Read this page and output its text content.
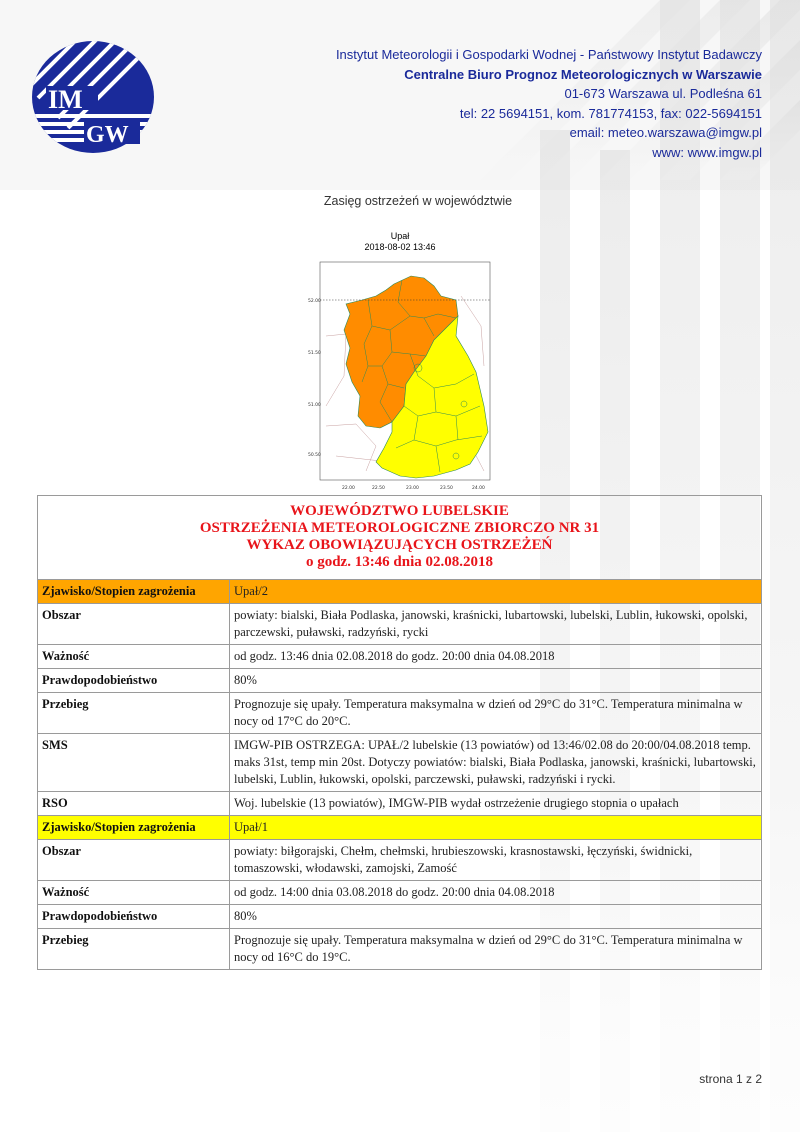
IM
GW
Instytut Meteorologii i Gospodarki Wodnej - Państwowy Instytut Badawczy
Centralne Biuro Prognoz Meteorologicznych w Warszawie
01-673 Warszawa ul. Podleśna 61
tel: 22 5694151, kom. 781774153, fax: 022-5694151
email: meteo.warszawa@imgw.pl
www: www.imgw.pl
Zasięg ostrzeżeń w województwie
Upał
2018-08-02 13:46
52.00
51.50
51.00
50.50
22.00	22.50	23.00	23.50	24.00
WOJEWÓDZTWO LUBELSKIE
OSTRZEŻENIA METEOROLOGICZNE ZBIORCZO NR 31
WYKAZ OBOWIĄZUJĄCYCH OSTRZEŻEŃ
o godz. 13:46 dnia 02.08.2018	

Zjawisko/Stopien zagrożenia	Upał/2
Obszar	powiaty: bialski, Biała Podlaska, janowski, kraśnicki, lubartowski, lubelski, Lublin, łukowski, opolski, parczewski, puławski, radzyński, rycki
Ważność	od godz. 13:46 dnia 02.08.2018 do godz. 20:00 dnia 04.08.2018
Prawdopodobieństwo	80%
Przebieg	Prognozuje się upały. Temperatura maksymalna w dzień od 29°C do 31°C. Temperatura minimalna w nocy od 17°C do 20°C.
SMS	IMGW-PIB OSTRZEGA: UPAŁ/2 lubelskie (13 powiatów) od 13:46/02.08 do 20:00/04.08.2018 temp. maks 31st, temp min 20st. Dotyczy powiatów: bialski, Biała Podlaska, janowski, kraśnicki, lubartowski, lubelski, Lublin, łukowski, opolski, parczewski, puławski, radzyński i rycki.
RSO	Woj. lubelskie (13 powiatów), IMGW-PIB wydał ostrzeżenie drugiego stopnia o upałach
Zjawisko/Stopien zagrożenia	Upał/1
Obszar	powiaty: biłgorajski, Chełm, chełmski, hrubieszowski, krasnostawski, łęczyński, świdnicki, tomaszowski, włodawski, zamojski, Zamość
Ważność	od godz. 14:00 dnia 03.08.2018 do godz. 20:00 dnia 04.08.2018
Prawdopodobieństwo	80%
Przebieg	Prognozuje się upały. Temperatura maksymalna w dzień od 29°C do 31°C. Temperatura minimalna w nocy od 16°C do 19°C.
strona 1 z 2
